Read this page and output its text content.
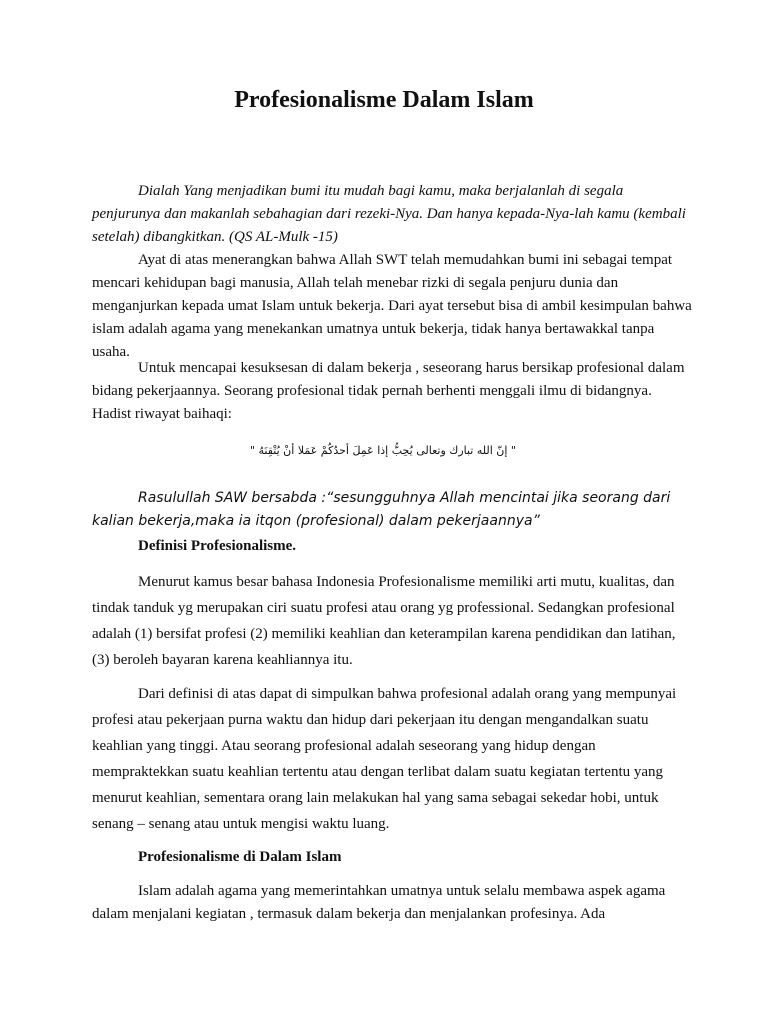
Profesionalisme Dalam Islam

Dialah Yang menjadikan bumi itu mudah bagi kamu, maka berjalanlah di segala penjurunya dan makanlah sebahagian dari rezeki-Nya. Dan hanya kepada-Nya-lah kamu (kembali setelah) dibangkitkan. (QS AL-Mulk -15)

Ayat di atas menerangkan bahwa Allah SWT telah memudahkan bumi ini sebagai tempat mencari kehidupan bagi manusia, Allah telah menebar rizki di segala penjuru dunia dan menganjurkan kepada umat Islam untuk bekerja. Dari ayat tersebut bisa di ambil kesimpulan bahwa islam adalah agama yang menekankan umatnya untuk bekerja, tidak hanya bertawakkal tanpa usaha.

Untuk mencapai kesuksesan di dalam bekerja , seseorang harus bersikap profesional dalam bidang pekerjaannya. Seorang profesional tidak pernah berhenti menggali ilmu di bidangnya. Hadist riwayat baihaqi:

" إنّ الله تبارك وتعالى يُحِبُّ إذا عَمِلَ أحدُكُمْ عَمَلا أنْ يُتْقِنَهُ "

Rasulullah SAW bersabda :“sesungguhnya Allah mencintai jika seorang dari kalian bekerja,maka ia itqon (profesional) dalam pekerjaannya”

Definisi Profesionalisme.

Menurut kamus besar bahasa Indonesia Profesionalisme memiliki arti mutu, kualitas, dan tindak tanduk yg merupakan ciri suatu profesi atau orang yg professional. Sedangkan profesional adalah (1) bersifat profesi (2) memiliki keahlian dan keterampilan karena pendidikan dan latihan, (3) beroleh bayaran karena keahliannya itu.

Dari definisi di atas dapat di simpulkan bahwa profesional adalah orang yang mempunyai profesi atau pekerjaan purna waktu dan hidup dari pekerjaan itu dengan mengandalkan suatu keahlian yang tinggi. Atau seorang profesional adalah seseorang yang hidup dengan mempraktekkan suatu keahlian tertentu atau dengan terlibat dalam suatu kegiatan tertentu yang menurut keahlian, sementara orang lain melakukan hal yang sama sebagai sekedar hobi, untuk senang – senang atau untuk mengisi waktu luang.

Profesionalisme di Dalam Islam

Islam adalah agama yang memerintahkan umatnya untuk selalu membawa aspek agama dalam menjalani kegiatan , termasuk dalam bekerja dan menjalankan profesinya. Ada
